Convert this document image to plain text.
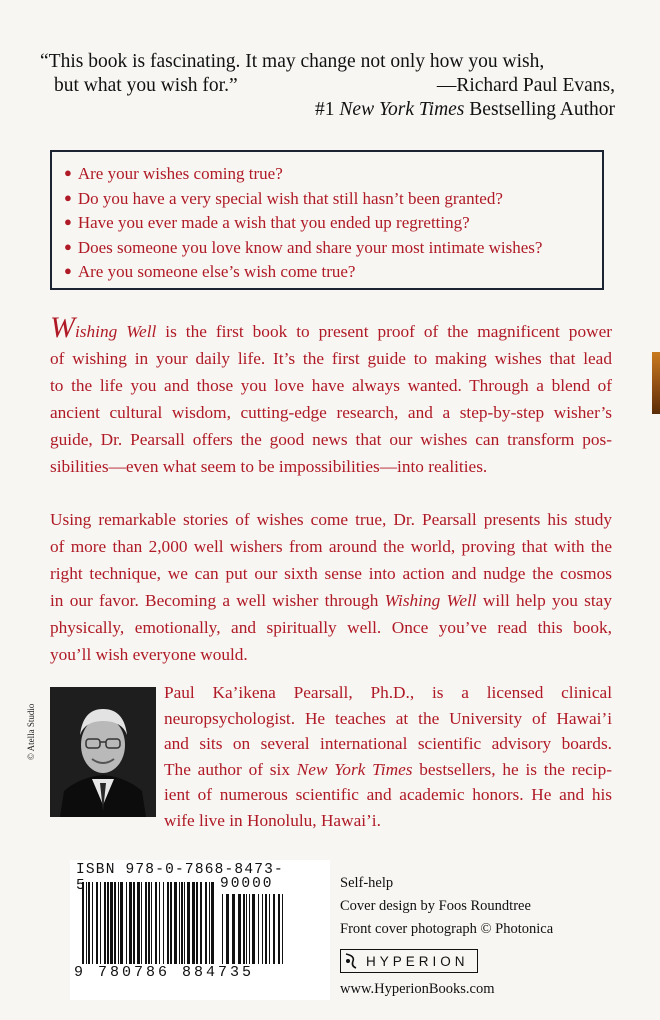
“This book is fascinating. It may change not only how you wish,
but what you wish for.”	—Richard Paul Evans,
#1 New York Times Bestselling Author
● Are your wishes coming true?
● Do you have a very special wish that still hasn’t been granted?
● Have you ever made a wish that you ended up regretting?
● Does someone you love know and share your most intimate wishes?
● Are you someone else’s wish come true?
Wishing Well is the first book to present proof of the magnificent power
of wishing in your daily life. It’s the first guide to making wishes that lead
to the life you and those you love have always wanted. Through a blend of
ancient cultural wisdom, cutting-edge research, and a step-by-step wisher’s
guide, Dr. Pearsall offers the good news that our wishes can transform pos-
sibilities—even what seem to be impossibilities—into realities.
Using remarkable stories of wishes come true, Dr. Pearsall presents his study
of more than 2,000 well wishers from around the world, proving that with the
right technique, we can put our sixth sense into action and nudge the cosmos
in our favor. Becoming a well wisher through Wishing Well will help you stay
physically, emotionally, and spiritually well. Once you’ve read this book,
you’ll wish everyone would.
© Atella Studio
Paul Ka’ikena Pearsall, Ph.D., is a licensed clinical
neuropsychologist. He teaches at the University of Hawai’i
and sits on several international scientific advisory boards.
The author of six New York Times bestsellers, he is the recip-
ient of numerous scientific and academic honors. He and his
wife live in Honolulu, Hawai’i.
ISBN 978-0-7868-8473-5	90000
9 780786 884735
Self-help
Cover design by Foos Roundtree
Front cover photograph © Photonica
HYPERION
www.HyperionBooks.com
